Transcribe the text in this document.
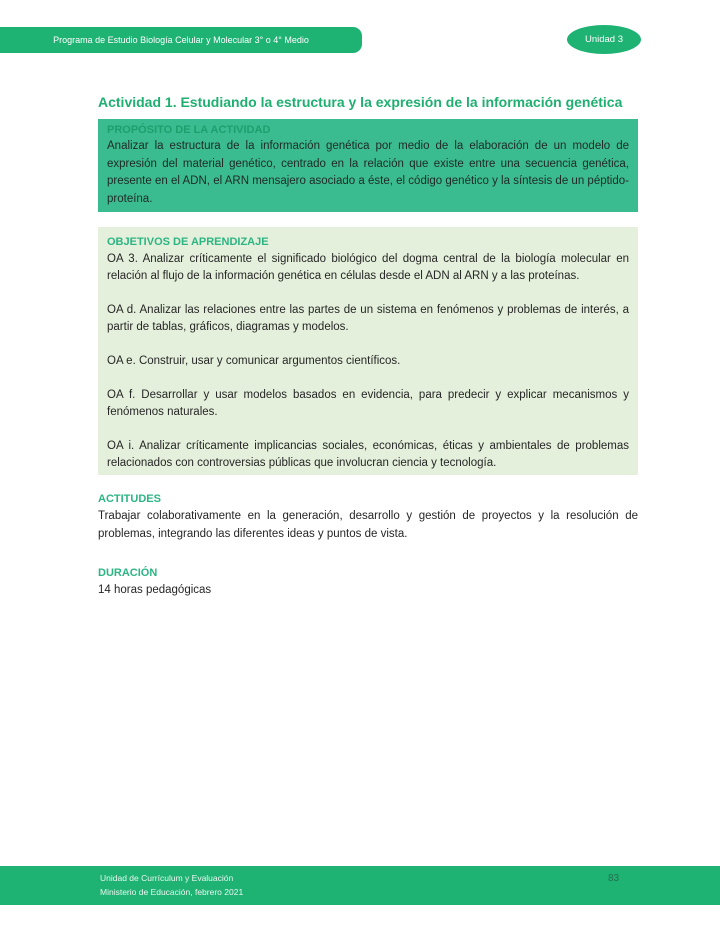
Programa de Estudio Biología Celular y Molecular 3° o 4° Medio	Unidad 3
Actividad 1. Estudiando la estructura y la expresión de la información genética

PROPÓSITO DE LA ACTIVIDAD

Analizar la estructura de la información genética por medio de la elaboración de un modelo de expresión del material genético, centrado en la relación que existe entre una secuencia genética, presente en el ADN, el ARN mensajero asociado a éste, el código genético y la síntesis de un péptido-proteína.

OBJETIVOS DE APRENDIZAJE

OA 3. Analizar críticamente el significado biológico del dogma central de la biología molecular en relación al flujo de la información genética en células desde el ADN al ARN y a las proteínas.

OA d. Analizar las relaciones entre las partes de un sistema en fenómenos y problemas de interés, a partir de tablas, gráficos, diagramas y modelos.

OA e. Construir, usar y comunicar argumentos científicos.

OA f. Desarrollar y usar modelos basados en evidencia, para predecir y explicar mecanismos y fenómenos naturales.

OA i. Analizar críticamente implicancias sociales, económicas, éticas y ambientales de problemas relacionados con controversias públicas que involucran ciencia y tecnología.

ACTITUDES

Trabajar colaborativamente en la generación, desarrollo y gestión de proyectos y la resolución de problemas, integrando las diferentes ideas y puntos de vista.

DURACIÓN

14 horas pedagógicas

Unidad de Currículum y Evaluación
Ministerio de Educación, febrero 2021
83
